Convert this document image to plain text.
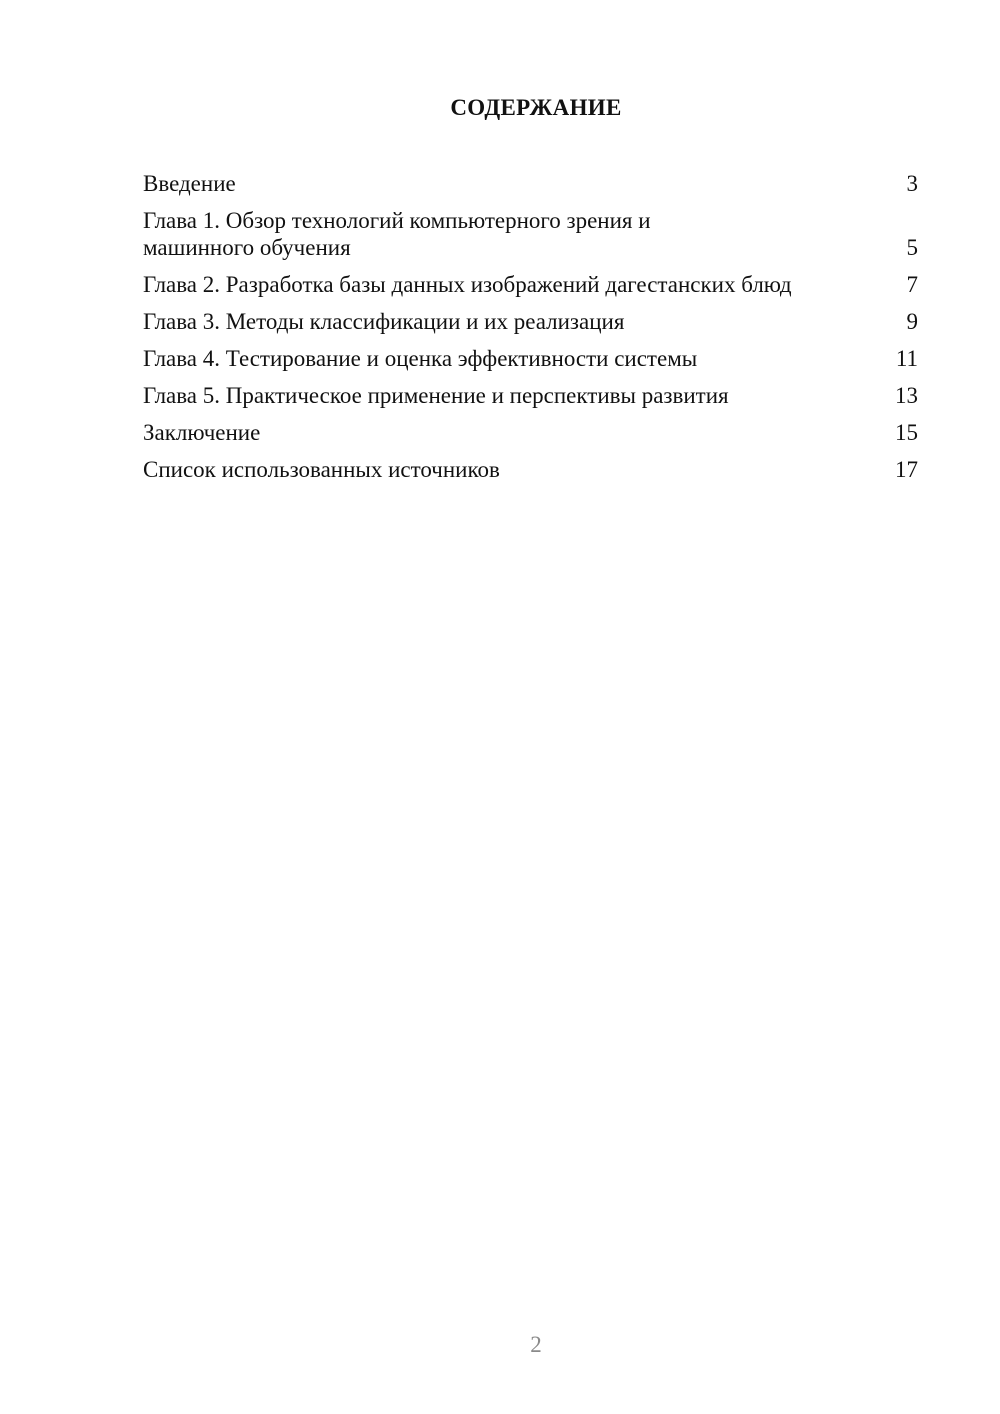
СОДЕРЖАНИЕ
Введение	3
Глава 1. Обзор технологий компьютерного зрения и машинного обучения	5
Глава 2. Разработка базы данных изображений дагестанских блюд	7
Глава 3. Методы классификации и их реализация	9
Глава 4. Тестирование и оценка эффективности системы	11
Глава 5. Практическое применение и перспективы развития	13
Заключение	15
Список использованных источников	17
2
